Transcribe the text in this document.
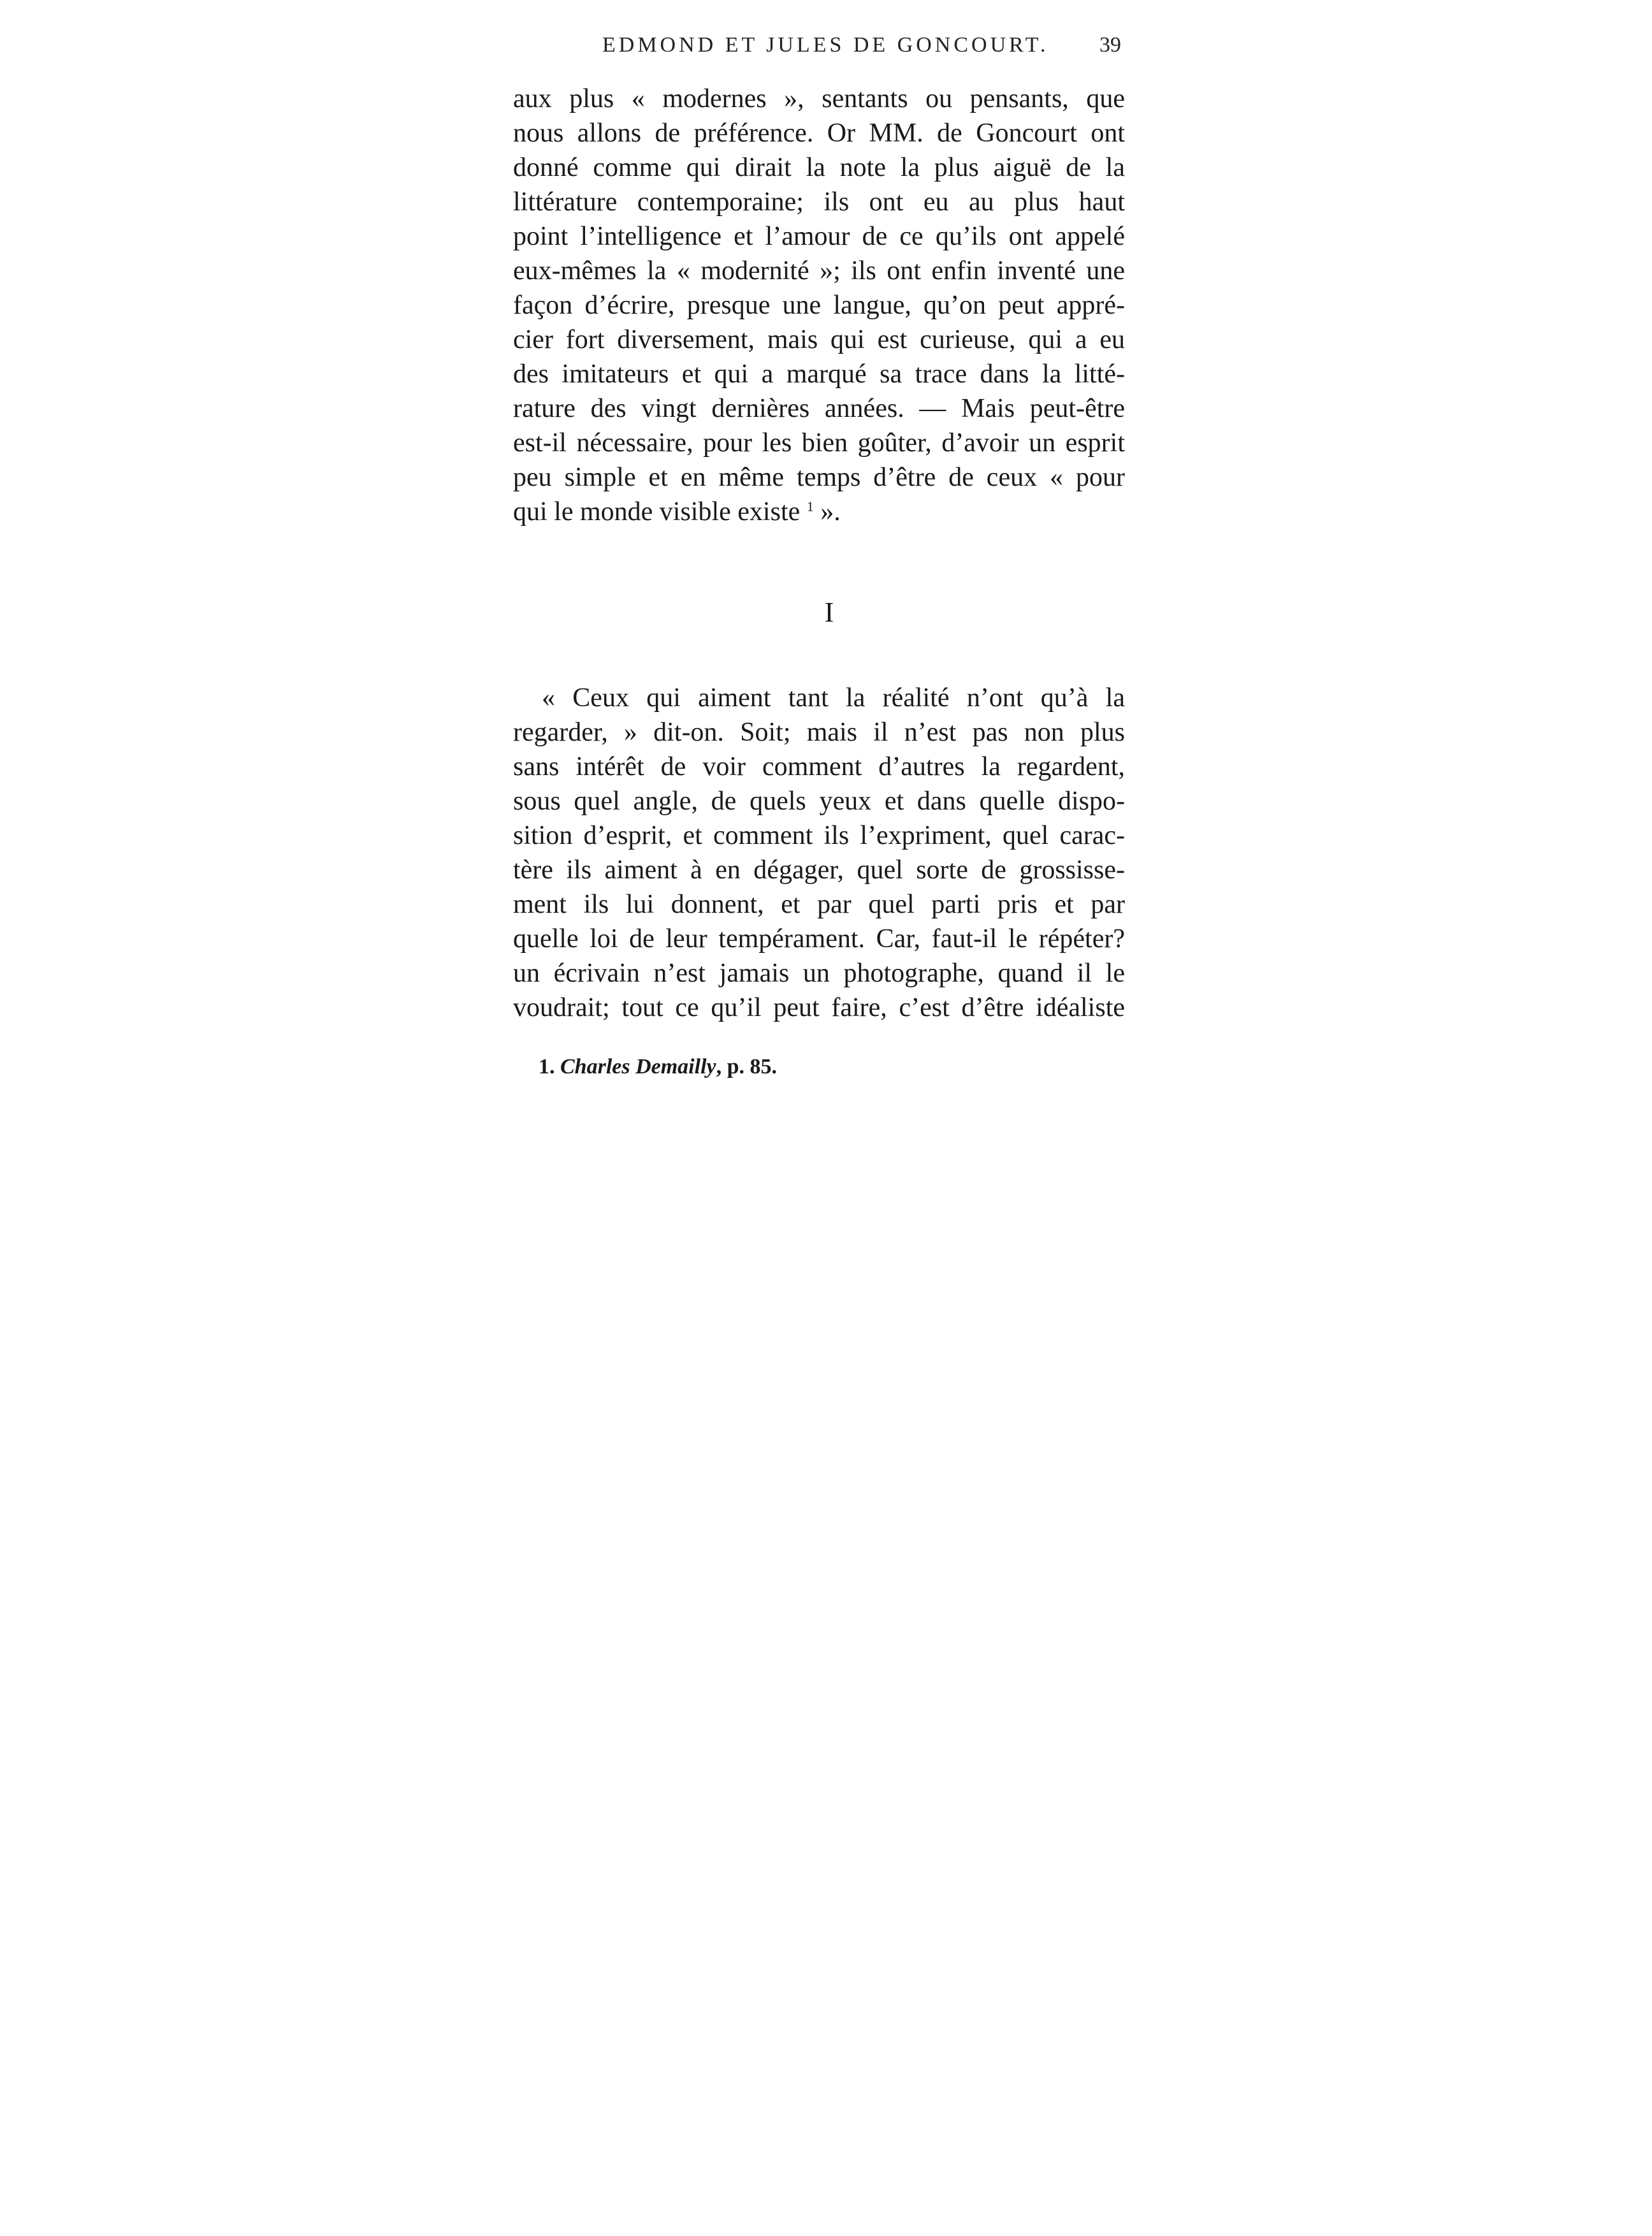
EDMOND ET JULES DE GONCOURT. 39
aux plus « modernes », sentants ou pensants, que
nous allons de préférence. Or MM. de Goncourt ont
donné comme qui dirait la note la plus aiguë de la
littérature contemporaine; ils ont eu au plus haut
point l’intelligence et l’amour de ce qu’ils ont appelé
eux-mêmes la « modernité »; ils ont enfin inventé une
façon d’écrire, presque une langue, qu’on peut appré-
cier fort diversement, mais qui est curieuse, qui a eu
des imitateurs et qui a marqué sa trace dans la litté-
rature des vingt dernières années. — Mais peut-être
est-il nécessaire, pour les bien goûter, d’avoir un esprit
peu simple et en même temps d’être de ceux « pour
qui le monde visible existe $^1$ ».
I
« Ceux qui aiment tant la réalité n’ont qu’à la
regarder, » dit-on. Soit; mais il n’est pas non plus
sans intérêt de voir comment d’autres la regardent,
sous quel angle, de quels yeux et dans quelle dispo-
sition d’esprit, et comment ils l’expriment, quel carac-
tère ils aiment à en dégager, quel sorte de grossisse-
ment ils lui donnent, et par quel parti pris et par
quelle loi de leur tempérament. Car, faut-il le répéter?
un écrivain n’est jamais un photographe, quand il le
voudrait; tout ce qu’il peut faire, c’est d’être idéaliste
1. Charles Demailly, p. 85.
